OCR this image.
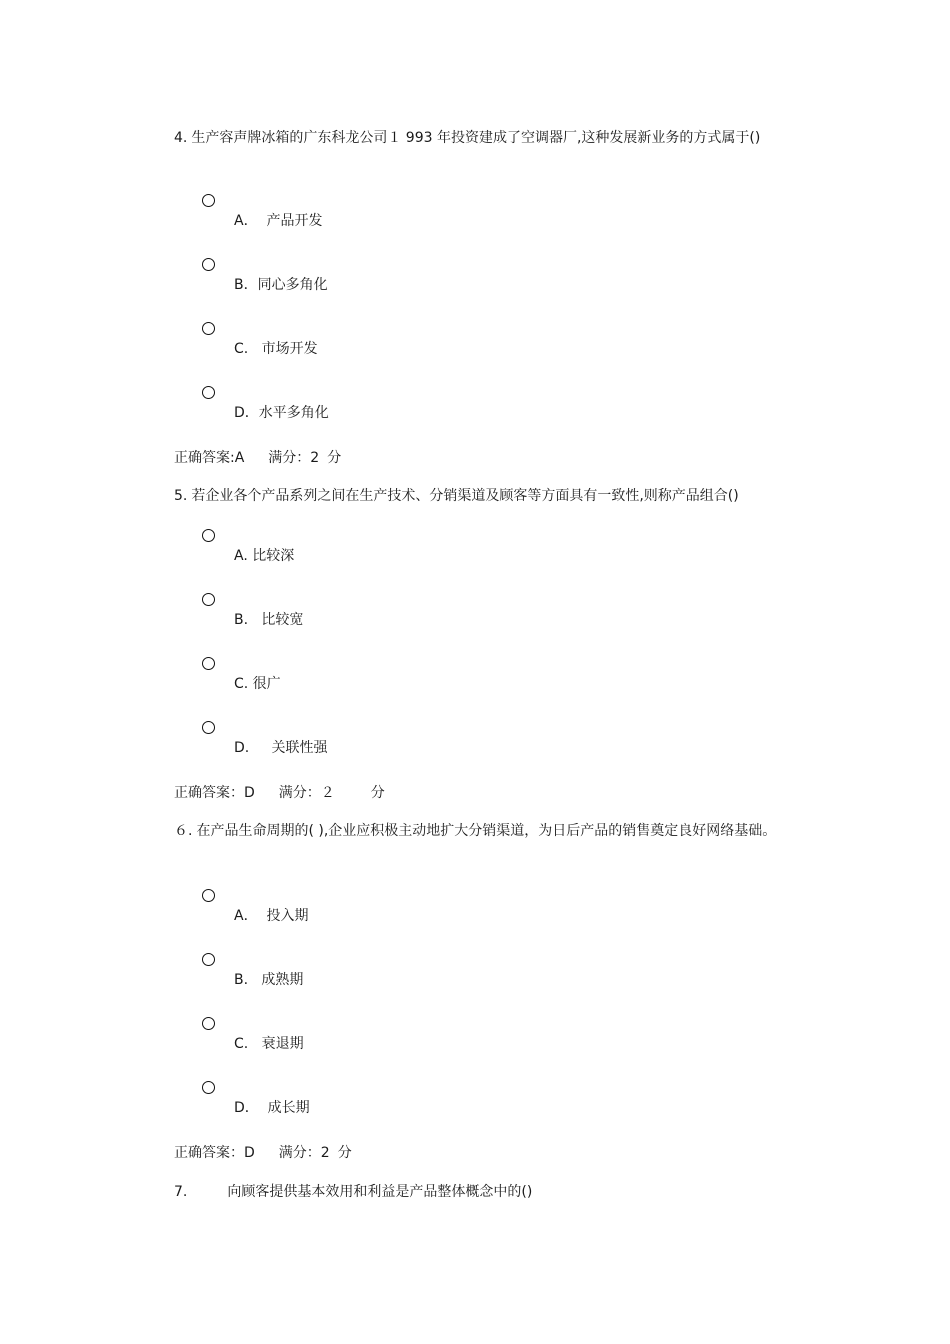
4. 生产容声牌冰箱的广东科龙公司１ 993 年投资建成了空调器厂,这种发展新业务的方式属于()

A．  产品开发
B．同心多角化
C.   市场开发
D．水平多角化
正确答案:A 满分：2 分

5. 若企业各个产品系列之间在生产技术、分销渠道及顾客等方面具有一致性,则称产品组合()

A. 比较深
B.   比较宽
C. 很广
D.     关联性强
正确答案：D 满分：２	分

６. 在产品生命周期的( ),企业应积极主动地扩大分销渠道，为日后产品的销售奠定良好网络基础。

A．  投入期
B.   成熟期
C.   衰退期
D．  成长期
正确答案：D 满分：2 分

7.	向顾客提供基本效用和利益是产品整体概念中的()
